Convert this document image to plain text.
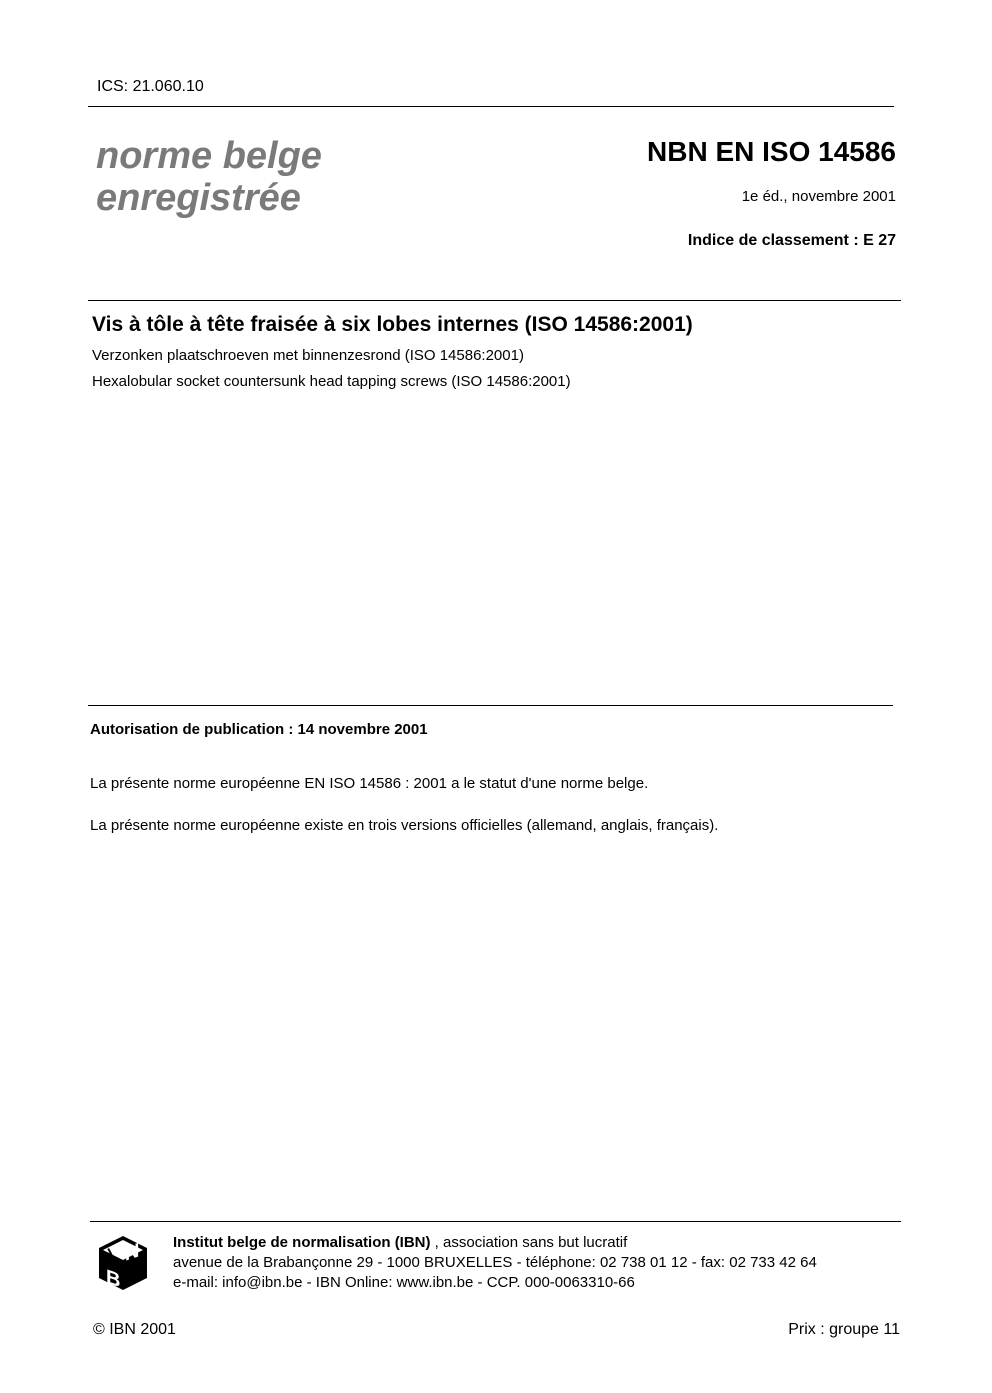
ICS: 21.060.10
norme belge
enregistrée
NBN EN ISO 14586
1e éd., novembre 2001
Indice de classement : E 27
Vis à tôle à tête fraisée à six lobes internes (ISO 14586:2001)
Verzonken plaatschroeven met binnenzesrond (ISO 14586:2001)
Hexalobular socket countersunk head tapping screws (ISO 14586:2001)
Autorisation de publication : 14 novembre 2001
La présente norme européenne EN ISO 14586 : 2001 a le statut d'une norme belge.
La présente norme européenne existe en trois versions officielles (allemand, anglais, français).
I
B
N Institut belge de normalisation (IBN) , association sans but lucratif
avenue de la Brabançonne 29 - 1000 BRUXELLES - téléphone: 02 738 01 12 - fax: 02 733 42 64
e-mail: info@ibn.be - IBN Online: www.ibn.be - CCP. 000-0063310-66
© IBN 2001	Prix : groupe 11
